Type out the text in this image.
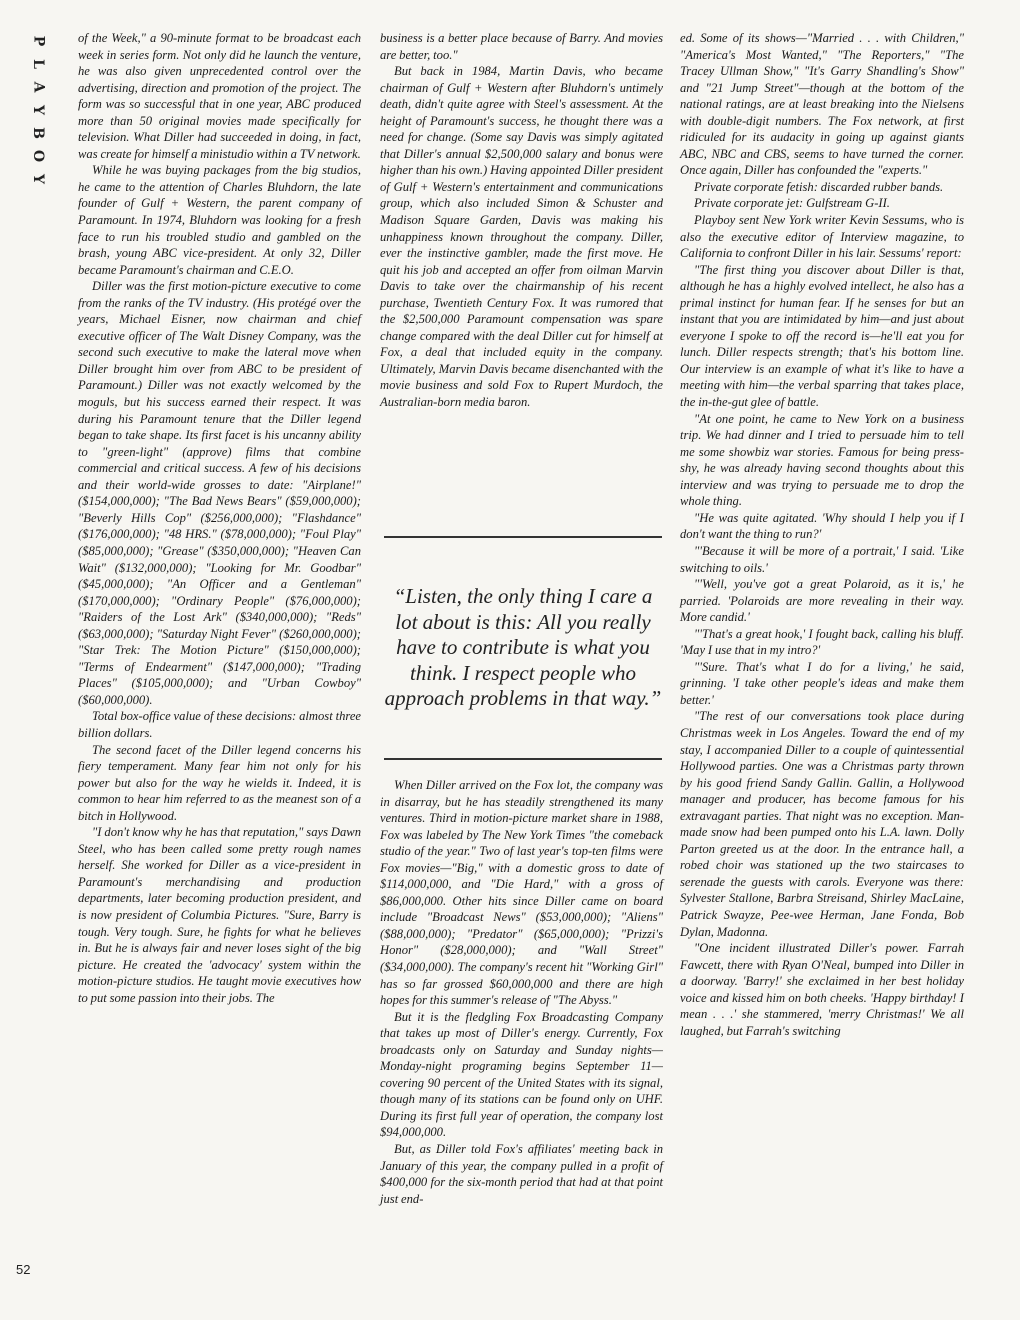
P
L
A
Y
B
O
Y
52

of the Week," a 90-minute format to be broadcast each week in series form. Not only did he launch the venture, he was also given unprecedented control over the advertising, direction and promotion of the project. The form was so successful that in one year, ABC produced more than 50 original movies made specifically for television. What Diller had succeeded in doing, in fact, was create for himself a ministudio within a TV network.

While he was buying packages from the big studios, he came to the attention of Charles Bluhdorn, the late founder of Gulf + Western, the parent company of Paramount. In 1974, Bluhdorn was looking for a fresh face to run his troubled studio and gambled on the brash, young ABC vice-president. At only 32, Diller became Paramount's chairman and C.E.O.

Diller was the first motion-picture executive to come from the ranks of the TV industry. (His protégé over the years, Michael Eisner, now chairman and chief executive officer of The Walt Disney Company, was the second such executive to make the lateral move when Diller brought him over from ABC to be president of Paramount.) Diller was not exactly welcomed by the moguls, but his success earned their respect. It was during his Paramount tenure that the Diller legend began to take shape. Its first facet is his uncanny ability to "green-light" (approve) films that combine commercial and critical success. A few of his decisions and their world-wide grosses to date: "Airplane!" ($154,000,000); "The Bad News Bears" ($59,000,000); "Beverly Hills Cop" ($256,000,000); "Flashdance" ($176,000,000); "48 HRS." ($78,000,000); "Foul Play" ($85,000,000); "Grease" ($350,000,000); "Heaven Can Wait" ($132,000,000); "Looking for Mr. Goodbar" ($45,000,000); "An Officer and a Gentleman" ($170,000,000); "Ordinary People" ($76,000,000); "Raiders of the Lost Ark" ($340,000,000); "Reds" ($63,000,000); "Saturday Night Fever" ($260,000,000); "Star Trek: The Motion Picture" ($150,000,000); "Terms of Endearment" ($147,000,000); "Trading Places" ($105,000,000); and "Urban Cowboy" ($60,000,000).

Total box-office value of these decisions: almost three billion dollars.

The second facet of the Diller legend concerns his fiery temperament. Many fear him not only for his power but also for the way he wields it. Indeed, it is common to hear him referred to as the meanest son of a bitch in Hollywood.

"I don't know why he has that reputation," says Dawn Steel, who has been called some pretty rough names herself. She worked for Diller as a vice-president in Paramount's merchandising and production departments, later becoming production president, and is now president of Columbia Pictures. "Sure, Barry is tough. Very tough. Sure, he fights for what he believes in. But he is always fair and never loses sight of the big picture. He created the 'advocacy' system within the motion-picture studios. He taught movie executives how to put some passion into their jobs. The

business is a better place because of Barry. And movies are better, too."

But back in 1984, Martin Davis, who became chairman of Gulf + Western after Bluhdorn's untimely death, didn't quite agree with Steel's assessment. At the height of Paramount's success, he thought there was a need for change. (Some say Davis was simply agitated that Diller's annual $2,500,000 salary and bonus were higher than his own.) Having appointed Diller president of Gulf + Western's entertainment and communications group, which also included Simon & Schuster and Madison Square Garden, Davis was making his unhappiness known throughout the company. Diller, ever the instinctive gambler, made the first move. He quit his job and accepted an offer from oilman Marvin Davis to take over the chairmanship of his recent purchase, Twentieth Century Fox. It was rumored that the $2,500,000 Paramount compensation was spare change compared with the deal Diller cut for himself at Fox, a deal that included equity in the company. Ultimately, Marvin Davis became disenchanted with the movie business and sold Fox to Rupert Murdoch, the Australian-born media baron.

“Listen, the only thing I care a lot about is this: All you really have to contribute is what you think. I respect people who approach problems in that way.”

When Diller arrived on the Fox lot, the company was in disarray, but he has steadily strengthened its many ventures. Third in motion-picture market share in 1988, Fox was labeled by The New York Times "the comeback studio of the year." Two of last year's top-ten films were Fox movies—"Big," with a domestic gross to date of $114,000,000, and "Die Hard," with a gross of $86,000,000. Other hits since Diller came on board include "Broadcast News" ($53,000,000); "Aliens" ($88,000,000); "Predator" ($65,000,000); "Prizzi's Honor" ($28,000,000); and "Wall Street" ($34,000,000). The company's recent hit "Working Girl" has so far grossed $60,000,000 and there are high hopes for this summer's release of "The Abyss."

But it is the fledgling Fox Broadcasting Company that takes up most of Diller's energy. Currently, Fox broadcasts only on Saturday and Sunday nights—Monday-night programing begins September 11—covering 90 percent of the United States with its signal, though many of its stations can be found only on UHF. During its first full year of operation, the company lost $94,000,000.

But, as Diller told Fox's affiliates' meeting back in January of this year, the company pulled in a profit of $400,000 for the six-month period that had at that point just end-

ed. Some of its shows—"Married . . . with Children," "America's Most Wanted," "The Reporters," "The Tracey Ullman Show," "It's Garry Shandling's Show" and "21 Jump Street"—though at the bottom of the national ratings, are at least breaking into the Nielsens with double-digit numbers. The Fox network, at first ridiculed for its audacity in going up against giants ABC, NBC and CBS, seems to have turned the corner. Once again, Diller has confounded the "experts."

Private corporate fetish: discarded rubber bands.

Private corporate jet: Gulfstream G-II.

Playboy sent New York writer Kevin Sessums, who is also the executive editor of Interview magazine, to California to confront Diller in his lair. Sessums' report:

"The first thing you discover about Diller is that, although he has a highly evolved intellect, he also has a primal instinct for human fear. If he senses for but an instant that you are intimidated by him—and just about everyone I spoke to off the record is—he'll eat you for lunch. Diller respects strength; that's his bottom line. Our interview is an example of what it's like to have a meeting with him—the verbal sparring that takes place, the in-the-gut glee of battle.

"At one point, he came to New York on a business trip. We had dinner and I tried to persuade him to tell me some showbiz war stories. Famous for being press-shy, he was already having second thoughts about this interview and was trying to persuade me to drop the whole thing.

"He was quite agitated. 'Why should I help you if I don't want the thing to run?'

"'Because it will be more of a portrait,' I said. 'Like switching to oils.'

"'Well, you've got a great Polaroid, as it is,' he parried. 'Polaroids are more revealing in their way. More candid.'

"'That's a great hook,' I fought back, calling his bluff. 'May I use that in my intro?'

"'Sure. That's what I do for a living,' he said, grinning. 'I take other people's ideas and make them better.'

"The rest of our conversations took place during Christmas week in Los Angeles. Toward the end of my stay, I accompanied Diller to a couple of quintessential Hollywood parties. One was a Christmas party thrown by his good friend Sandy Gallin. Gallin, a Hollywood manager and producer, has become famous for his extravagant parties. That night was no exception. Man-made snow had been pumped onto his L.A. lawn. Dolly Parton greeted us at the door. In the entrance hall, a robed choir was stationed up the two staircases to serenade the guests with carols. Everyone was there: Sylvester Stallone, Barbra Streisand, Shirley MacLaine, Patrick Swayze, Pee-wee Herman, Jane Fonda, Bob Dylan, Madonna.

"One incident illustrated Diller's power. Farrah Fawcett, there with Ryan O'Neal, bumped into Diller in a doorway. 'Barry!' she exclaimed in her best holiday voice and kissed him on both cheeks. 'Happy birthday! I mean . . .' she stammered, 'merry Christmas!' We all laughed, but Farrah's switching
